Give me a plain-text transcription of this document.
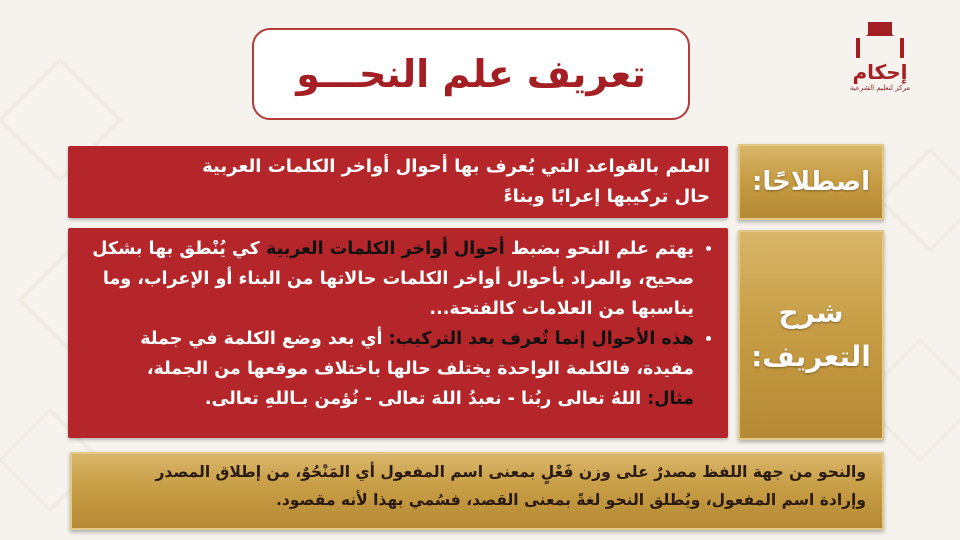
تعريف علم النحـــو	إحكام
مركز لتعليم الشرعية
اصطلاحًا:
العلم بالقواعد التي يُعرف بها أحوال أواخر الكلمات العربية
حال تركيبها إعرابًا وبناءً
شرح التعريف:
• يهتم علم النحو بضبط أحوال أواخر الكلمات العربية كي يُنْطق بها بشكل صحيح، والمراد بأحوال أواخر الكلمات حالاتها من البناء أو الإعراب، وما يناسبها من العلامات كالفتحة...
• هذه الأحوال إنما تُعرف بعد التركيب: أي بعد وضع الكلمة في جملة مفيدة، فالكلمة الواحدة يختلف حالها باختلاف موقعها من الجملة،
مثال: اللهُ تعالى ربُنا - نعبدُ اللهَ تعالى - نُؤمن بـاللهِ تعالى.
والنحو من جهة اللفظ مصدرٌ على وزن فَعْلٍ بمعنى اسم المفعول أي المَنْحُوٌ، من إطلاق المصدر
وإرادة اسم المفعول، ويُطلق النحو لغةً بمعنى القصد، فسُمي بهذا لأنه مقصود.
